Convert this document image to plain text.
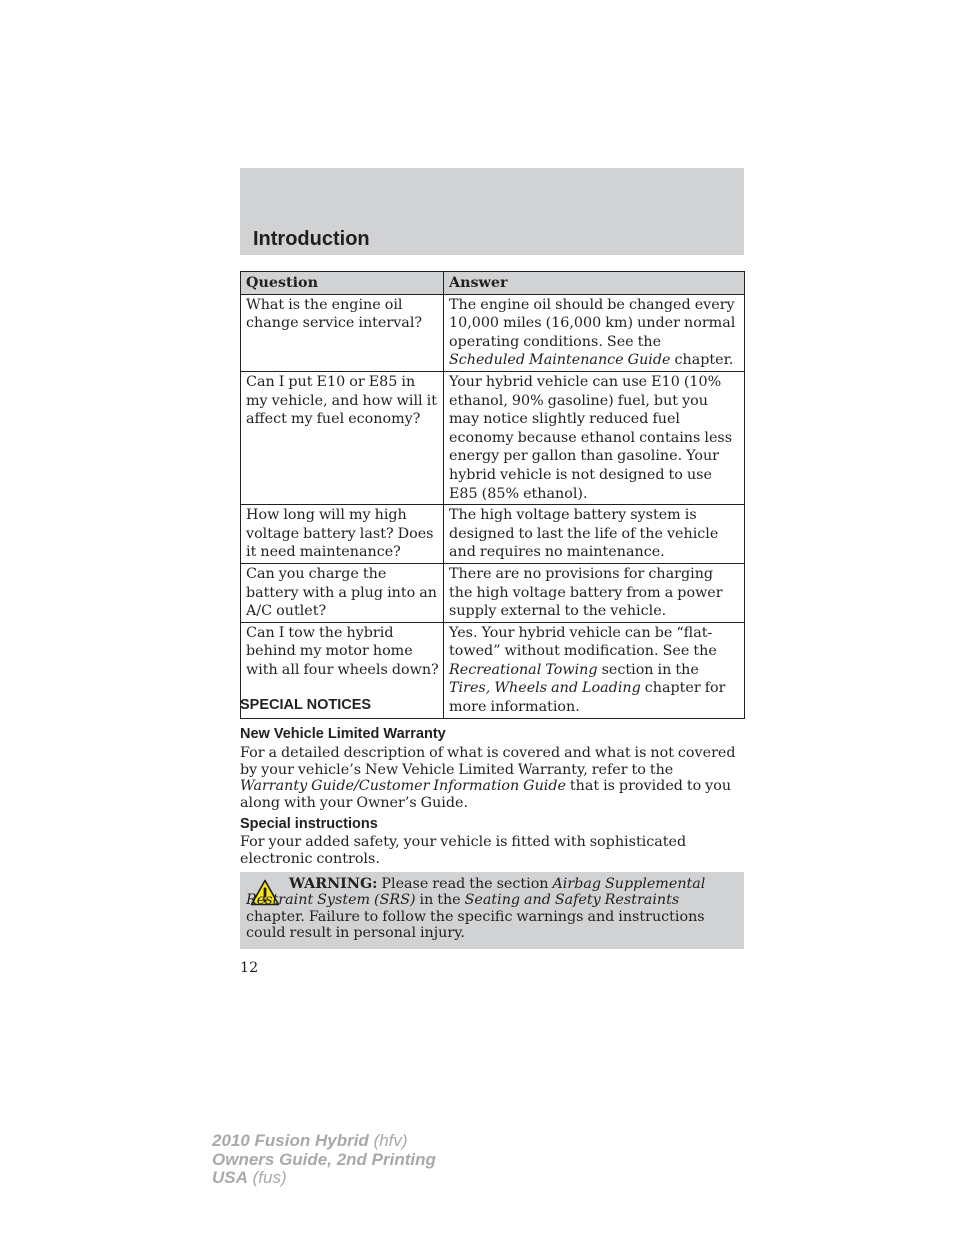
Introduction
Question	Answer
What is the engine oil change service interval?	The engine oil should be changed every 10,000 miles (16,000 km) under normal operating conditions. See the Scheduled Maintenance Guide chapter.
Can I put E10 or E85 in my vehicle, and how will it affect my fuel economy?	Your hybrid vehicle can use E10 (10% ethanol, 90% gasoline) fuel, but you may notice slightly reduced fuel economy because ethanol contains less energy per gallon than gasoline. Your hybrid vehicle is not designed to use E85 (85% ethanol).
How long will my high voltage battery last? Does it need maintenance?	The high voltage battery system is designed to last the life of the vehicle and requires no maintenance.
Can you charge the battery with a plug into an A/C outlet?	There are no provisions for charging the high voltage battery from a power supply external to the vehicle.
Can I tow the hybrid behind my motor home with all four wheels down?	Yes. Your hybrid vehicle can be “flat-towed” without modification. See the Recreational Towing section in the Tires, Wheels and Loading chapter for more information.
SPECIAL NOTICES
New Vehicle Limited Warranty
For a detailed description of what is covered and what is not covered by your vehicle’s New Vehicle Limited Warranty, refer to the Warranty Guide/Customer Information Guide that is provided to you along with your Owner’s Guide.
Special instructions
For your added safety, your vehicle is fitted with sophisticated electronic controls.
WARNING: Please read the section Airbag Supplemental Restraint System (SRS) in the Seating and Safety Restraints chapter. Failure to follow the specific warnings and instructions could result in personal injury.
12
2010 Fusion Hybrid (hfv)
Owners Guide, 2nd Printing
USA (fus)
